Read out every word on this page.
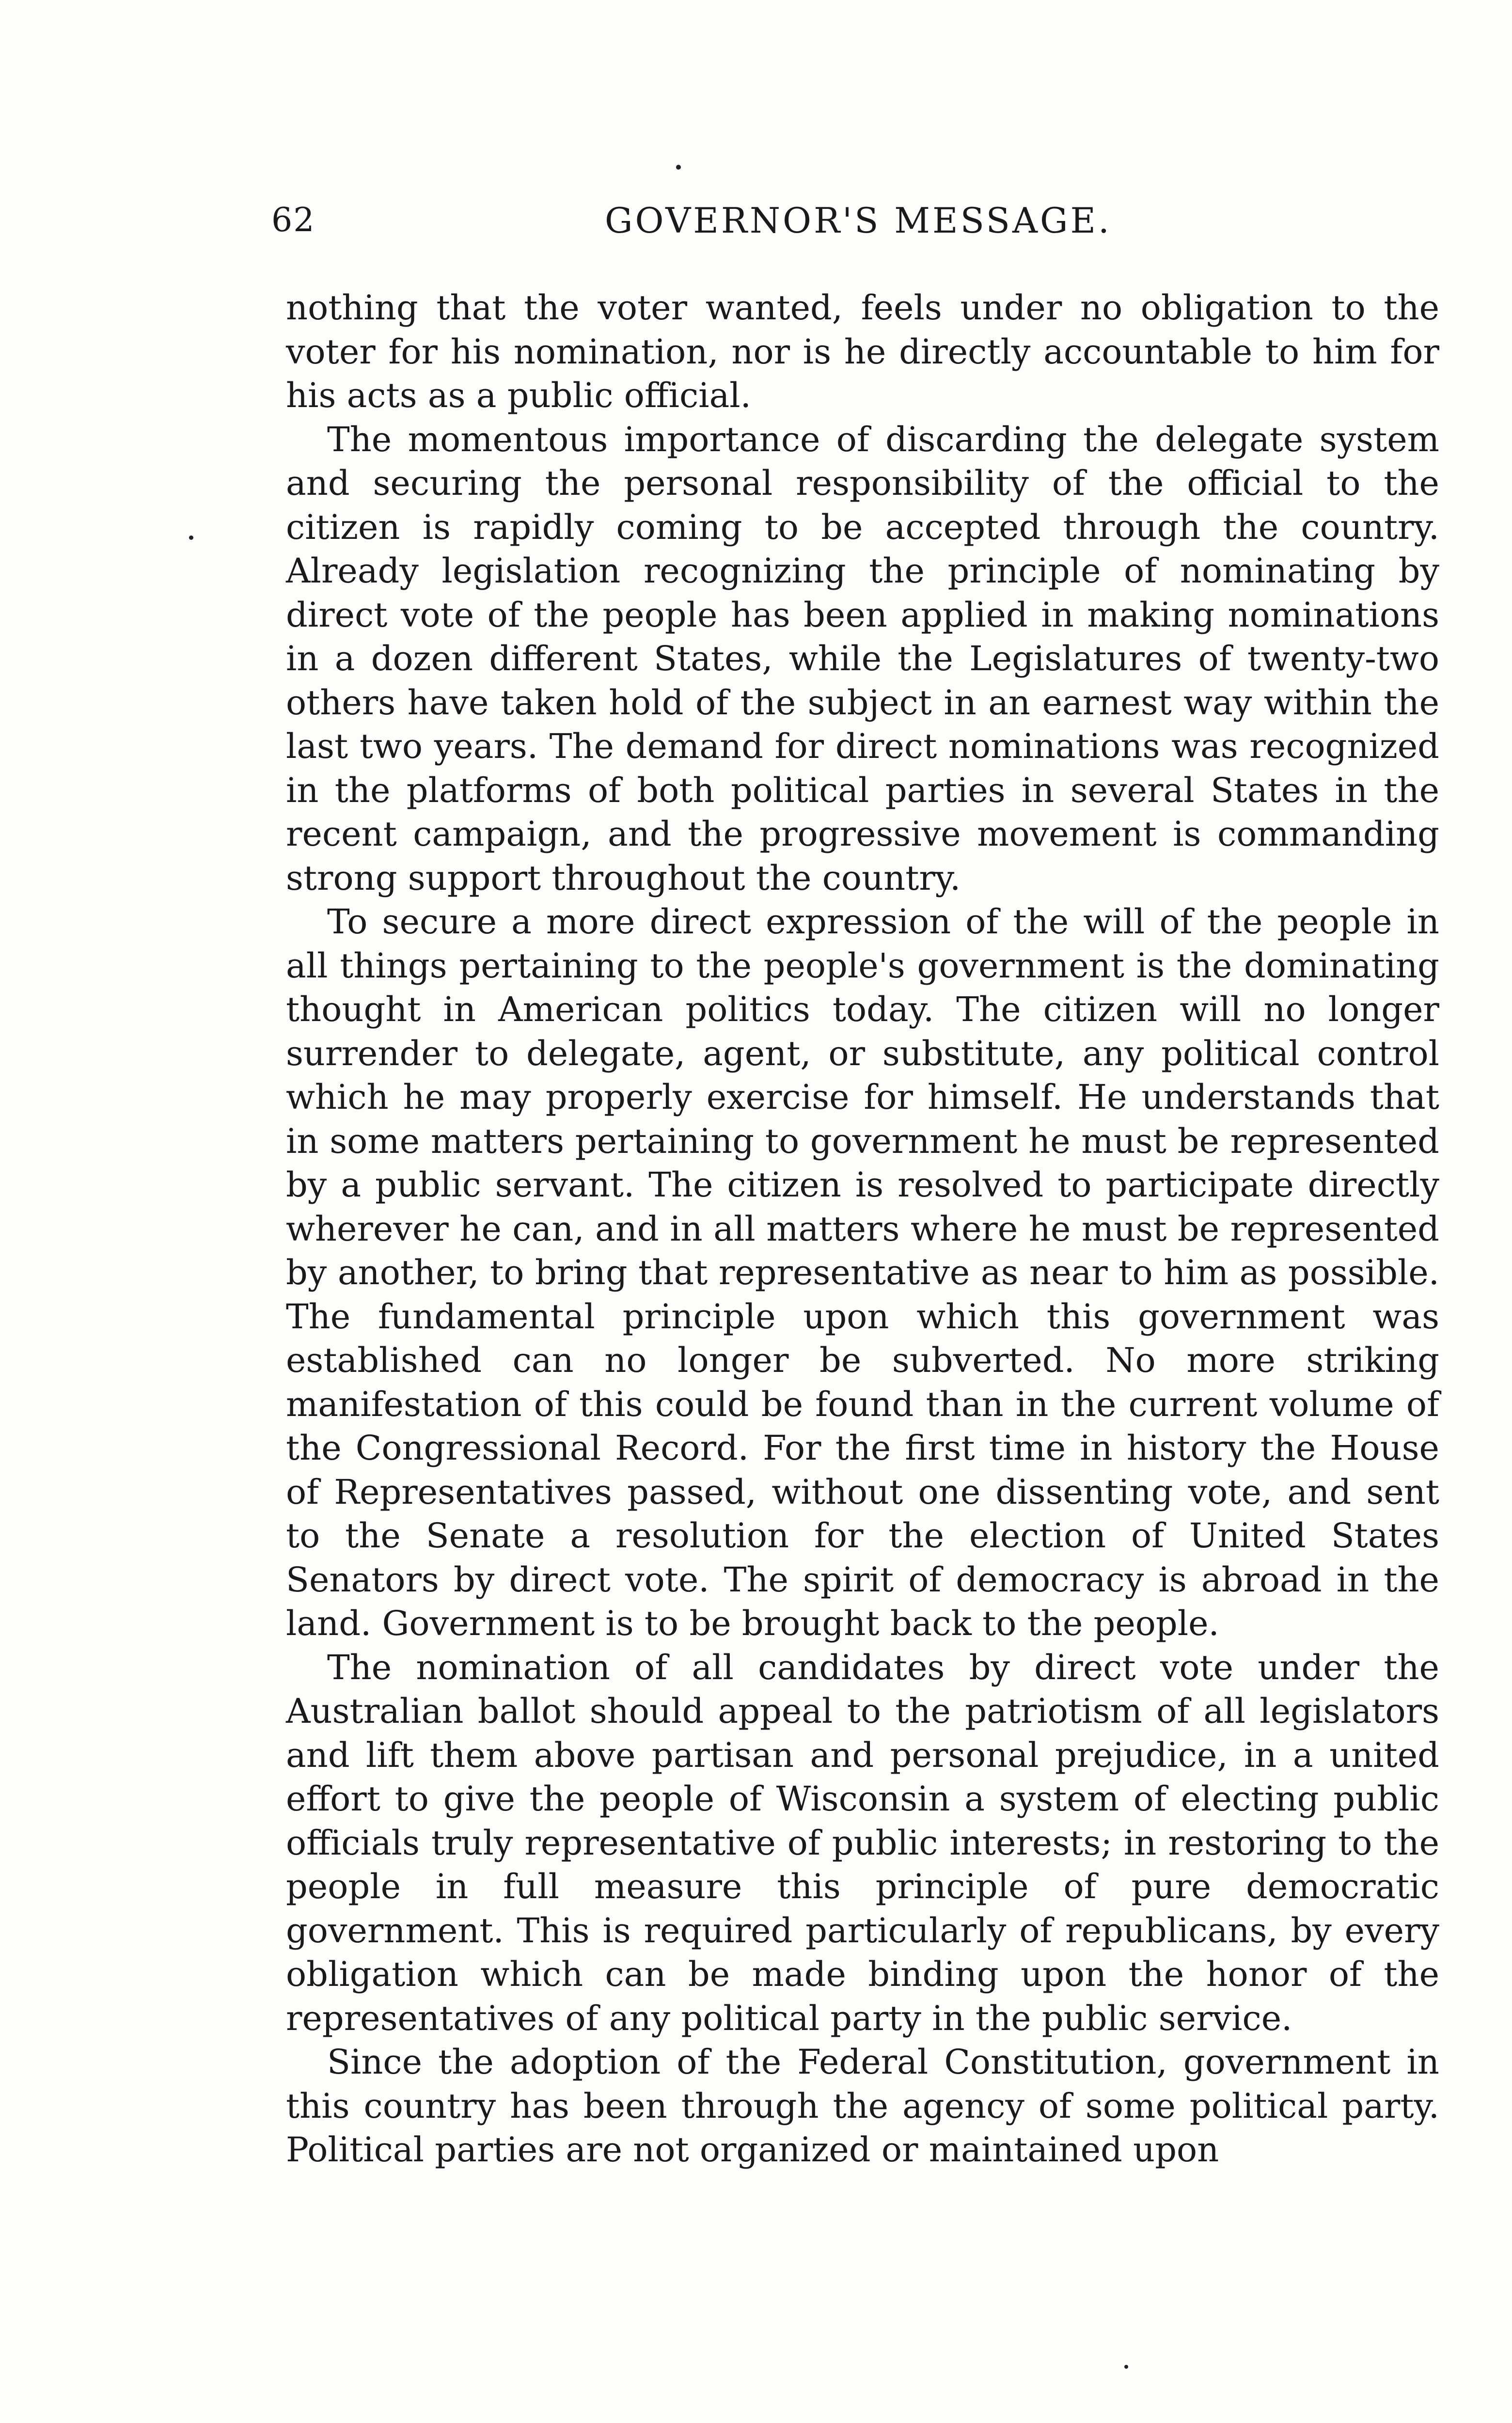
62	GOVERNOR'S MESSAGE.

nothing that the voter wanted, feels under no obligation to the voter for his nomination, nor is he directly accountable to him for his acts as a public official.

The momentous importance of discarding the delegate system and securing the personal responsibility of the official to the citizen is rapidly coming to be accepted through the country. Already legislation recognizing the principle of nominating by direct vote of the people has been applied in making nominations in a dozen different States, while the Legislatures of twenty-two others have taken hold of the subject in an earnest way within the last two years. The demand for direct nominations was recognized in the platforms of both political parties in several States in the recent campaign, and the progressive movement is commanding strong support throughout the country.

To secure a more direct expression of the will of the people in all things pertaining to the people's government is the dominating thought in American politics today. The citizen will no longer surrender to delegate, agent, or substitute, any political control which he may properly exercise for himself. He understands that in some matters pertaining to government he must be represented by a public servant. The citizen is resolved to participate directly wherever he can, and in all matters where he must be represented by another, to bring that representative as near to him as possible. The fundamental principle upon which this government was established can no longer be subverted. No more striking manifestation of this could be found than in the current volume of the Congressional Record. For the first time in history the House of Representatives passed, without one dissenting vote, and sent to the Senate a resolution for the election of United States Senators by direct vote. The spirit of democracy is abroad in the land. Government is to be brought back to the people.

The nomination of all candidates by direct vote under the Australian ballot should appeal to the patriotism of all legislators and lift them above partisan and personal prejudice, in a united effort to give the people of Wisconsin a system of electing public officials truly representative of public interests; in restoring to the people in full measure this principle of pure democratic government. This is required particularly of republicans, by every obligation which can be made binding upon the honor of the representatives of any political party in the public service.

Since the adoption of the Federal Constitution, government in this country has been through the agency of some political party. Political parties are not organized or maintained upon
